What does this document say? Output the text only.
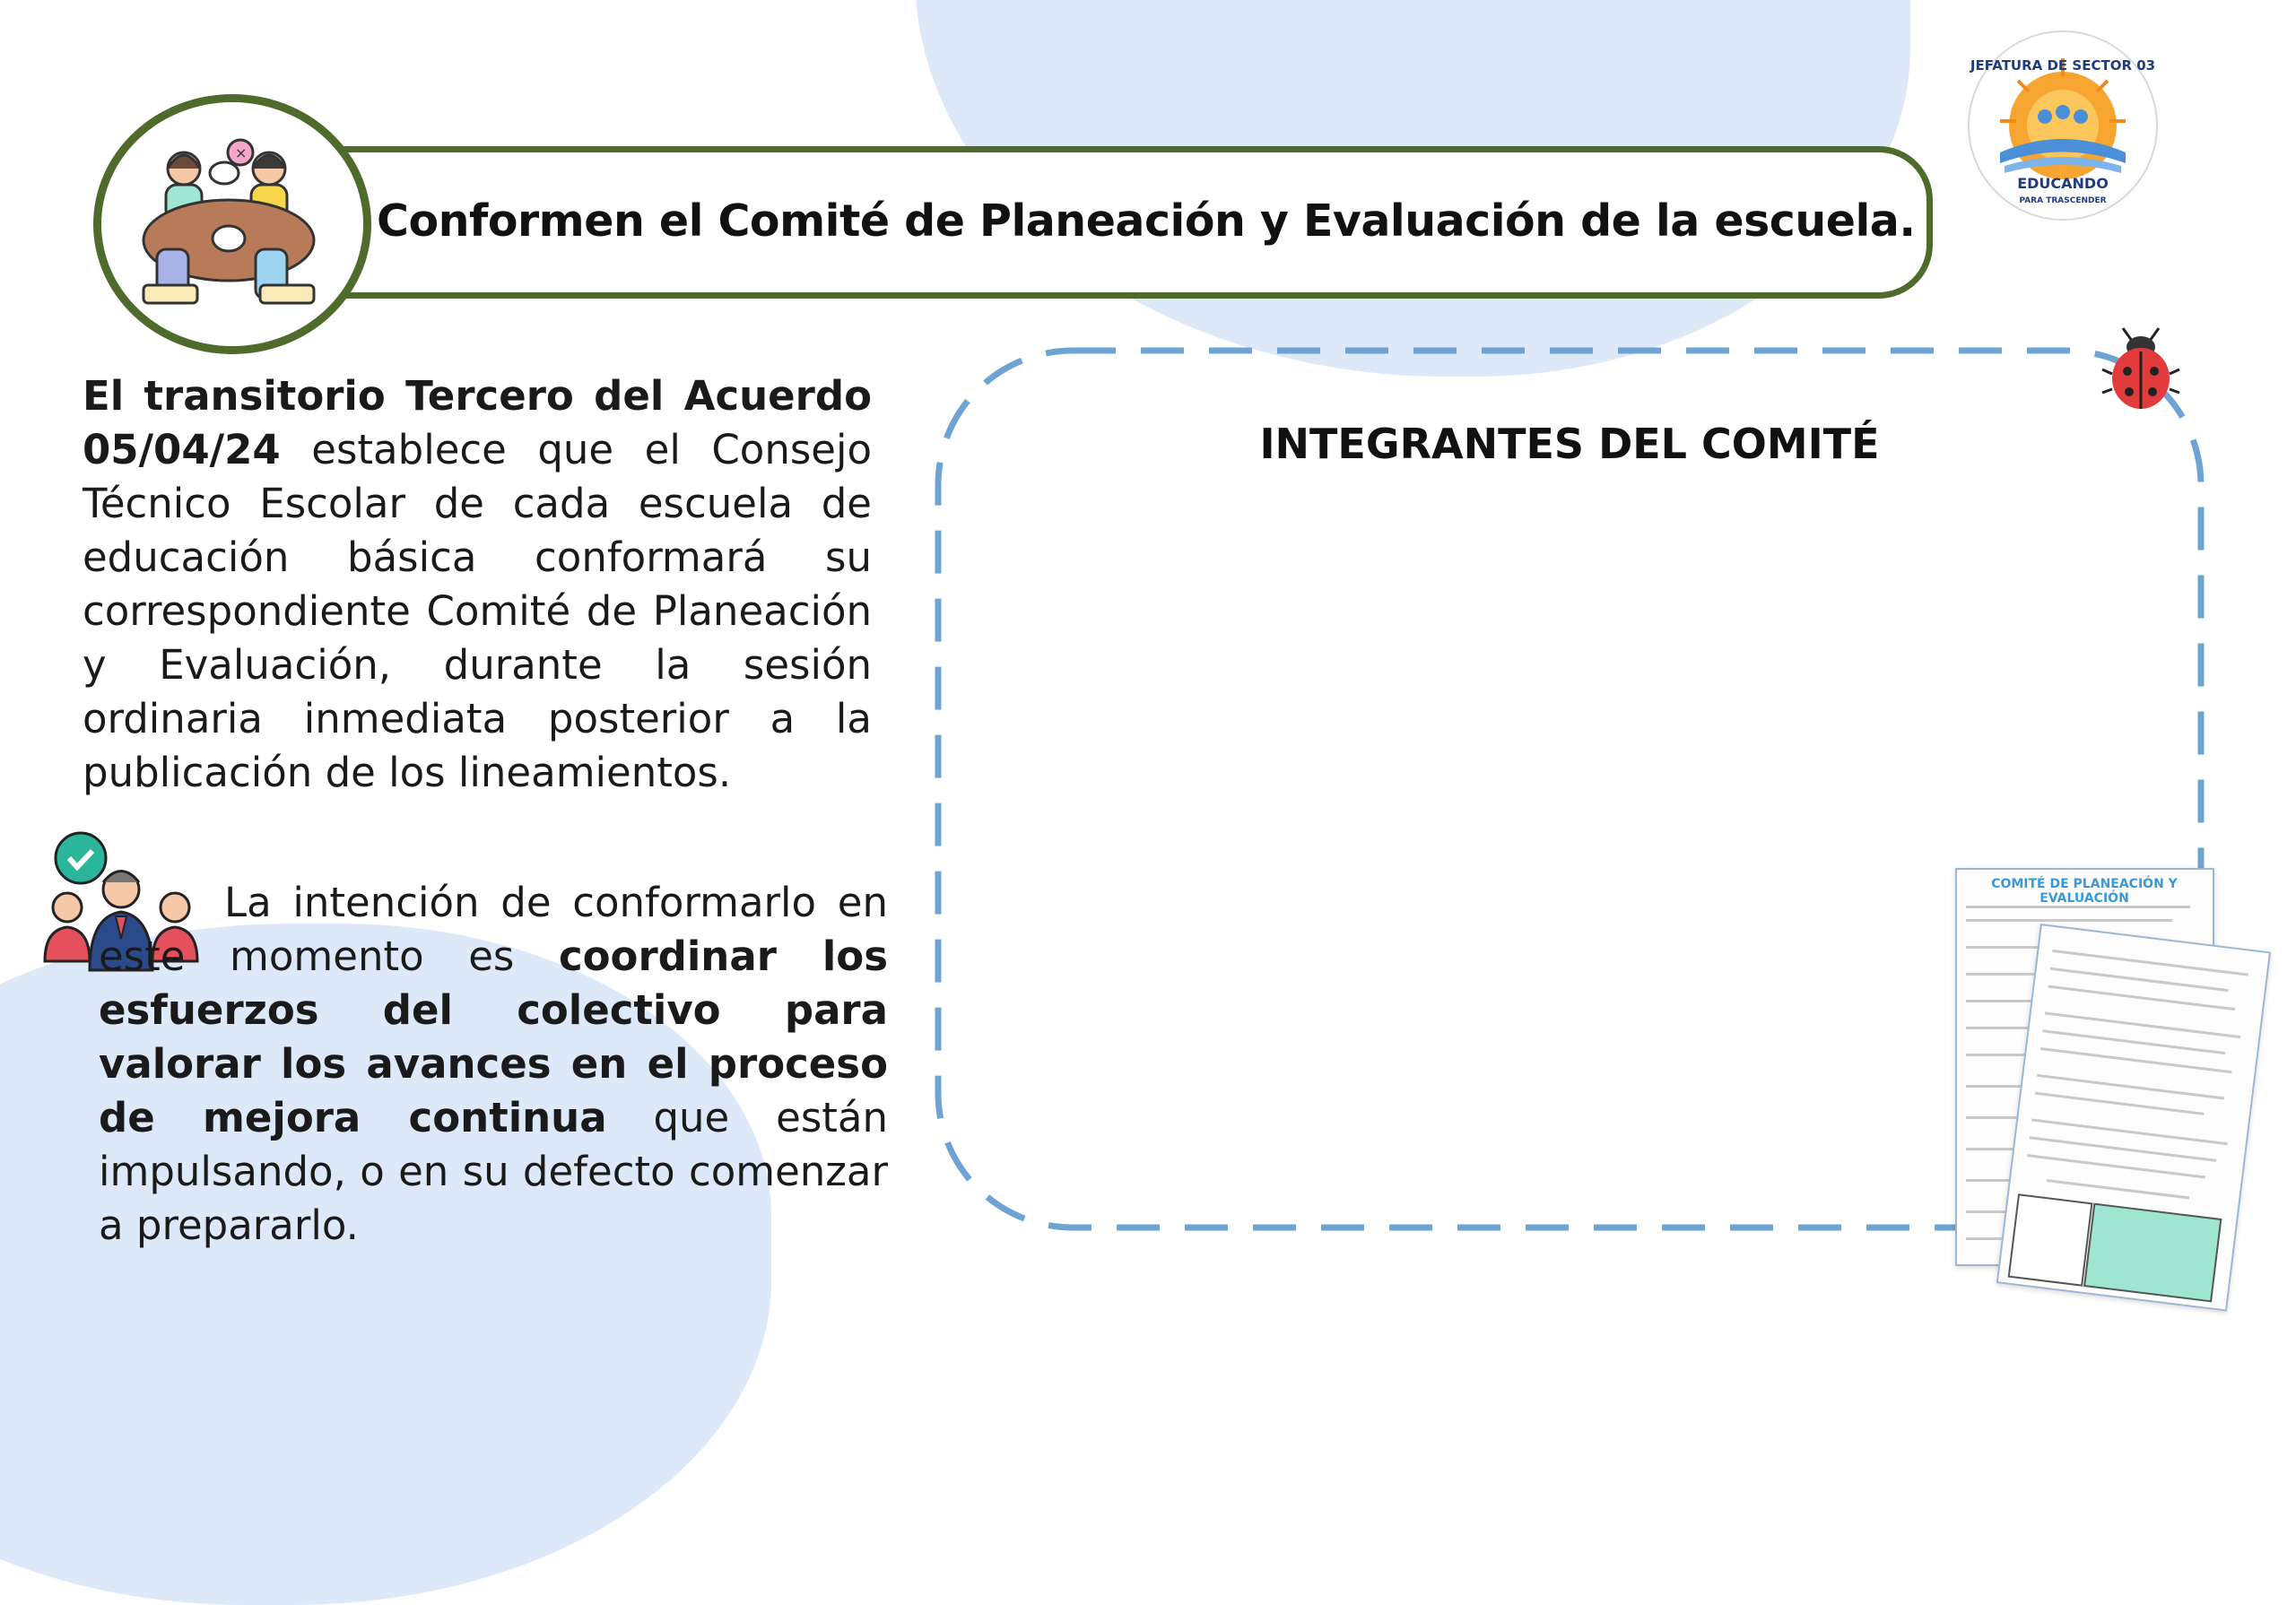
Conformen el Comité de Planeación y Evaluación de la escuela.
×
JEFATURA DE SECTOR 03
EDUCANDO
PARA TRASCENDER
El transitorio Tercero del Acuerdo 05/04/24 establece que el Consejo Técnico Escolar de cada escuela de educación básica conformará su correspondiente Comité de Planeación y Evaluación, durante la sesión ordinaria inmediata posterior a la publicación de los lineamientos.
La intención de conformarlo en este momento es coordinar los esfuerzos del colectivo para valorar los avances en el proceso de mejora continua que están impulsando, o en su defecto comenzar a prepararlo.
INTEGRANTES DEL COMITÉ
COMITÉ DE PLANEACIÓN Y EVALUACIÓN
